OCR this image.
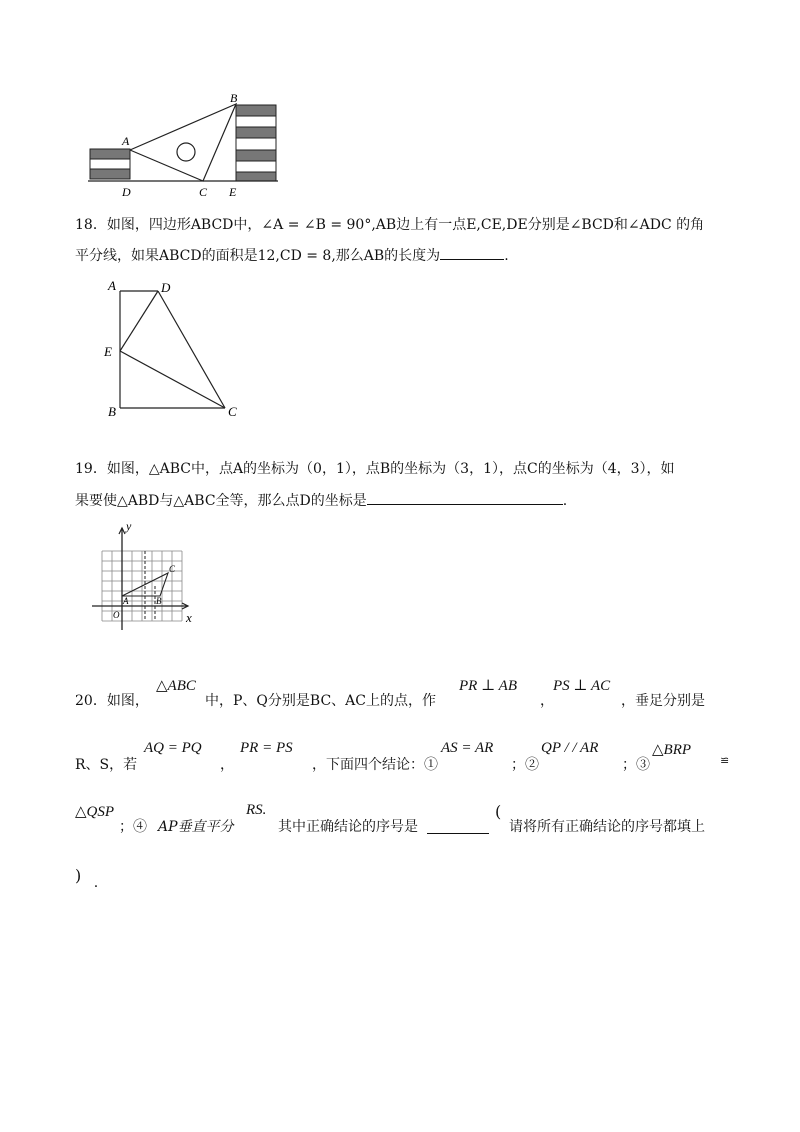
A
B
D	C E
18．如图，四边形ABCD中，∠A = ∠B = 90°,AB边上有一点E,CE,DE分别是∠BCD和∠ADC 的角
平分线，如果ABCD的面积是12,CD = 8,那么AB的长度为	.
A	D
E
B	C
19．如图，△ABC中，点A的坐标为（0，1），点B的坐标为（3，1），点C的坐标为（4，3），如
果要使△ABD与△ABC全等，那么点D的坐标是	.
y
x
O
A	B
C
20．如图，
△ABC
中，P、Q分别是BC、AC上的点，作
PR ⊥ AB
，
PS ⊥ AC
，垂足分别是
R、S，若
AQ = PQ
，
PR = PS
，下面四个结论：①
AS = AR
；②
QP / / AR
；③
△BRP
≌
△QSP
；④ AP垂直平分
RS.
其中正确结论的序号是
(
请将所有正确结论的序号都填上
) .
